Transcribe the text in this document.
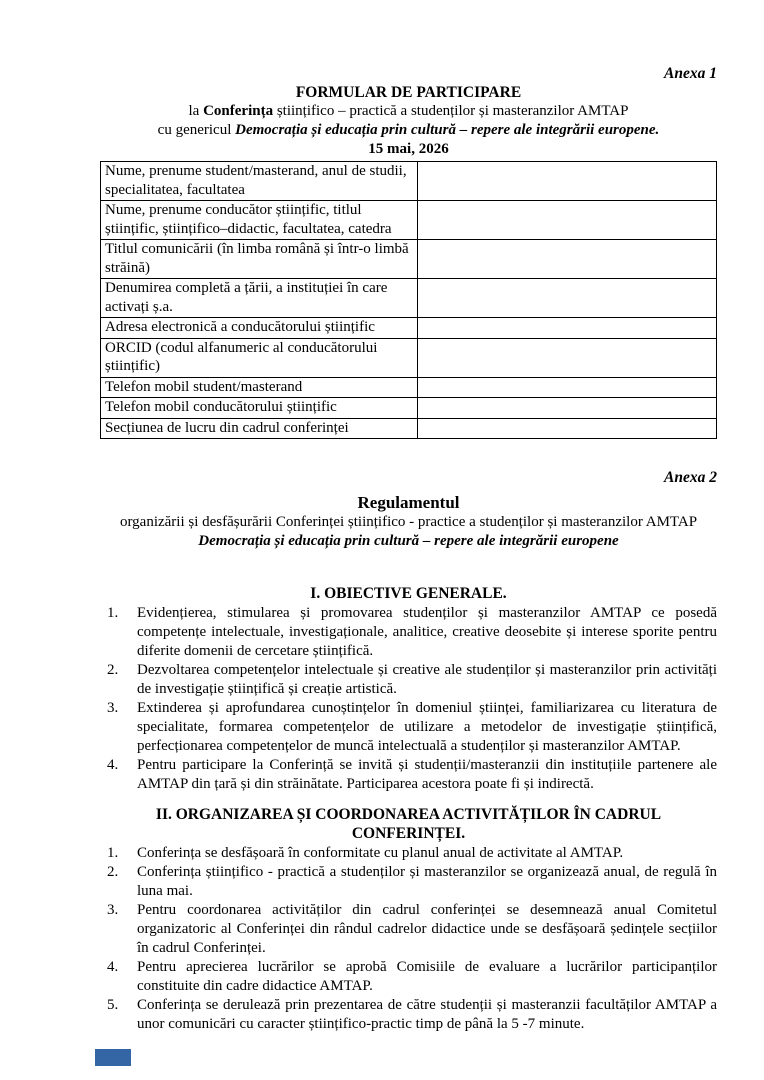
Anexa 1
FORMULAR DE PARTICIPARE
la Conferința științifico – practică a studenților și masteranzilor AMTAP
cu genericul Democrația și educația prin cultură – repere ale integrării europene.
15 mai, 2026
Nume, prenume student/masterand, anul de studii, specialitatea, facultatea	
Nume, prenume conducător științific, titlul științific, științifico–didactic, facultatea, catedra	
Titlul comunicării (în limba română și într-o limbă străină)	
Denumirea completă a țării, a instituției în care activați ș.a.	
Adresa electronică a conducătorului științific	
ORCID (codul alfanumeric al conducătorului științific)	
Telefon mobil student/masterand	
Telefon mobil conducătorului științific	
Secțiunea de lucru din cadrul conferinței	
Anexa 2
Regulamentul
organizării și desfășurării Conferinței științifico - practice a studenților și masteranzilor AMTAP
Democrația și educația prin cultură – repere ale integrării europene
I. OBIECTIVE GENERALE.
1. Evidențierea, stimularea și promovarea studenților și masteranzilor AMTAP ce posedă competențe intelectuale, investigaționale, analitice, creative deosebite și interese sporite pentru diferite domenii de cercetare științifică.
2. Dezvoltarea competențelor intelectuale și creative ale studenților și masteranzilor prin activități de investigație științifică și creație artistică.
3. Extinderea și aprofundarea cunoștințelor în domeniul științei, familiarizarea cu literatura de specialitate, formarea competențelor de utilizare a metodelor de investigație științifică, perfecționarea competențelor de muncă intelectuală a studenților și masteranzilor AMTAP.
4. Pentru participare la Conferință se invită și studenții/masteranzii din instituțiile partenere ale AMTAP din țară și din străinătate. Participarea acestora poate fi și indirectă.
II. ORGANIZAREA ȘI COORDONAREA ACTIVITĂȚILOR ÎN CADRUL CONFERINȚEI.
1. Conferința se desfășoară în conformitate cu planul anual de activitate al AMTAP.
2. Conferința științifico - practică a studenților și masteranzilor se organizează anual, de regulă în luna mai.
3. Pentru coordonarea activităților din cadrul conferinței se desemnează anual Comitetul organizatoric al Conferinței din rândul cadrelor didactice unde se desfășoară ședințele secțiilor în cadrul Conferinței.
4. Pentru aprecierea lucrărilor se aprobă Comisiile de evaluare a lucrărilor participanților constituite din cadre didactice AMTAP.
5. Conferința se derulează prin prezentarea de către studenții și masteranzii facultăților AMTAP a unor comunicări cu caracter științifico-practic timp de până la 5 -7 minute.
